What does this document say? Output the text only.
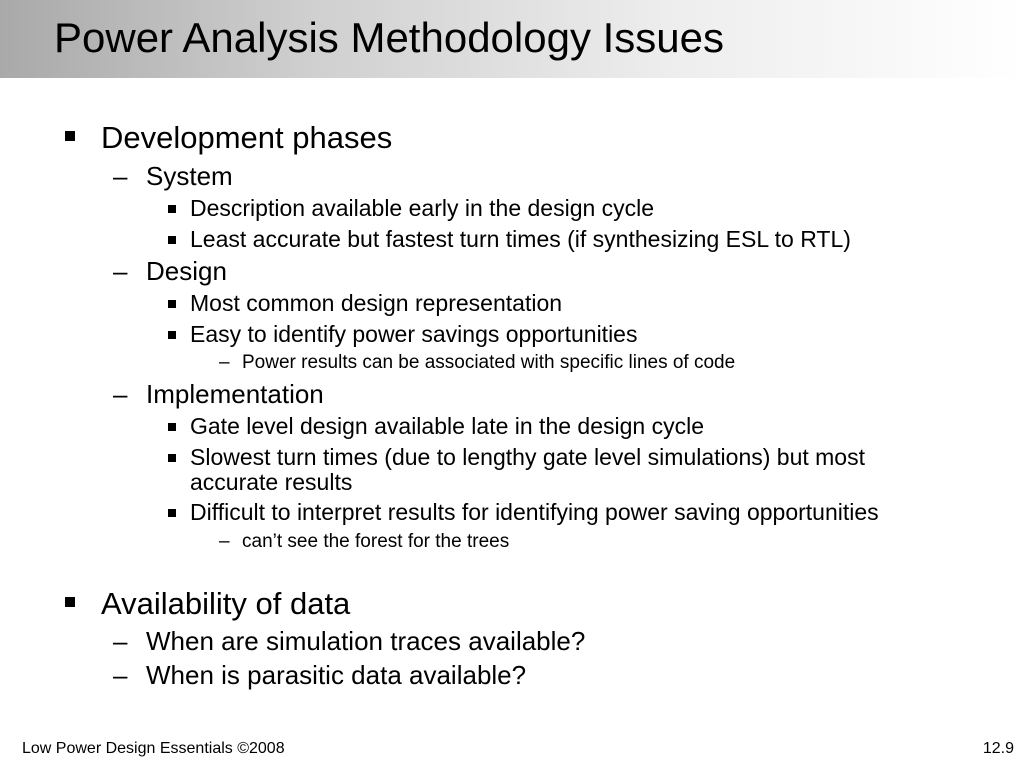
Power Analysis Methodology Issues
Development phases
– System
Description available early in the design cycle
Least accurate but fastest turn times (if synthesizing ESL to RTL)
– Design
Most common design representation
Easy to identify power savings opportunities
– Power results can be associated with specific lines of code
– Implementation
Gate level design available late in the design cycle
Slowest turn times (due to lengthy gate level simulations) but most
accurate results
Difficult to interpret results for identifying power saving opportunities
– can’t see the forest for the trees
Availability of data
– When are simulation traces available?
– When is parasitic data available?
Low Power Design Essentials ©2008	12.9
